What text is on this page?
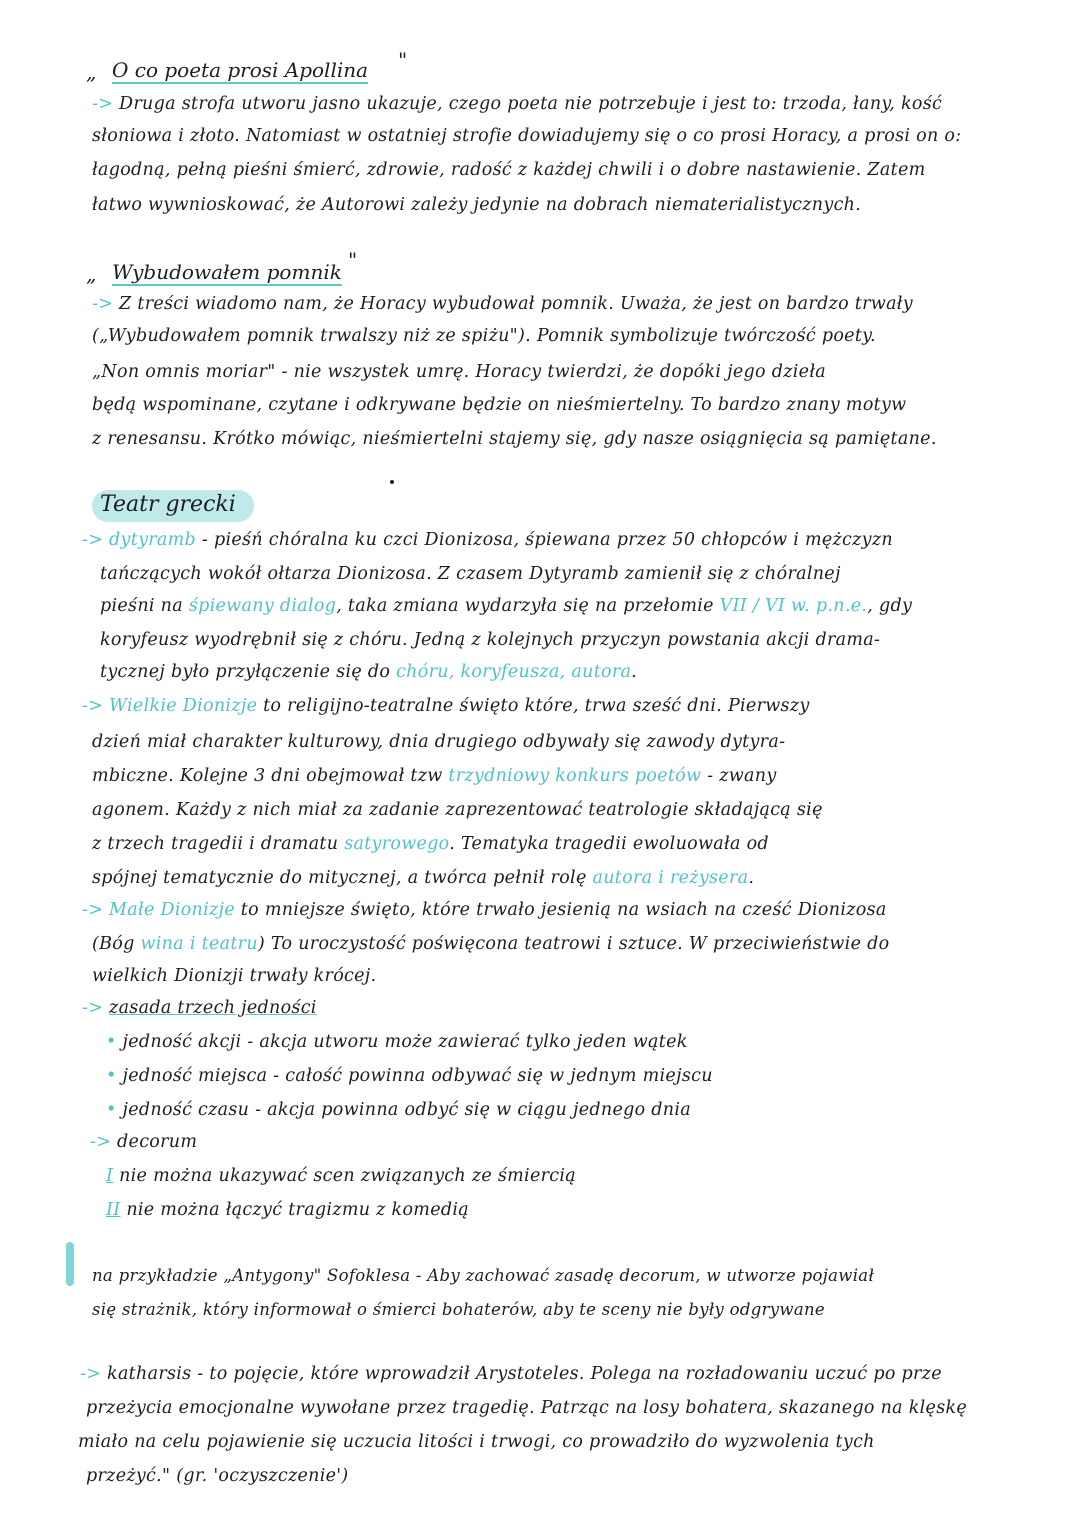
„ O co poeta prosi Apollina "
„ Wybudowałem pomnik "
Teatr grecki
-> Druga strofa utworu jasno ukazuje, czego poeta nie potrzebuje i jest to: trzoda, łany, kość
słoniowa i złoto. Natomiast w ostatniej strofie dowiadujemy się o co prosi Horacy, a prosi on o:
łagodną, pełną pieśni śmierć, zdrowie, radość z każdej chwili i o dobre nastawienie. Zatem
łatwo wywnioskować, że Autorowi zależy jedynie na dobrach niematerialistycznych.
-> Z treści wiadomo nam, że Horacy wybudował pomnik. Uważa, że jest on bardzo trwały
(„Wybudowałem pomnik trwalszy niż ze spiżu"). Pomnik symbolizuje twórczość poety.
„Non omnis moriar" - nie wszystek umrę. Horacy twierdzi, że dopóki jego dzieła
będą wspominane, czytane i odkrywane będzie on nieśmiertelny. To bardzo znany motyw
z renesansu. Krótko mówiąc, nieśmiertelni stajemy się, gdy nasze osiągnięcia są pamiętane.
-> dytyramb - pieśń chóralna ku czci Dionizosa, śpiewana przez 50 chłopców i mężczyzn
tańczących wokół ołtarza Dionizosa. Z czasem Dytyramb zamienił się z chóralnej
pieśni na śpiewany dialog, taka zmiana wydarzyła się na przełomie VII / VI w. p.n.e., gdy
koryfeusz wyodrębnił się z chóru. Jedną z kolejnych przyczyn powstania akcji drama-
tycznej było przyłączenie się do chóru, koryfeusza, autora.
-> Wielkie Dionizje to religijno-teatralne święto które, trwa sześć dni. Pierwszy
dzień miał charakter kulturowy, dnia drugiego odbywały się zawody dytyra-
mbiczne. Kolejne 3 dni obejmował tzw trzydniowy konkurs poetów - zwany
agonem. Każdy z nich miał za zadanie zaprezentować teatrologie składającą się
z trzech tragedii i dramatu satyrowego. Tematyka tragedii ewoluowała od
spójnej tematycznie do mitycznej, a twórca pełnił rolę autora i reżysera.
-> Małe Dionizje to mniejsze święto, które trwało jesienią na wsiach na cześć Dionizosa
(Bóg wina i teatru) To uroczystość poświęcona teatrowi i sztuce. W przeciwieństwie do
wielkich Dionizji trwały krócej.
-> zasada trzech jedności
• jedność akcji - akcja utworu może zawierać tylko jeden wątek
• jedność miejsca - całość powinna odbywać się w jednym miejscu
• jedność czasu - akcja powinna odbyć się w ciągu jednego dnia
-> decorum
I nie można ukazywać scen związanych ze śmiercią
II nie można łączyć tragizmu z komedią
na przykładzie „Antygony" Sofoklesa - Aby zachować zasadę decorum, w utworze pojawiał
się strażnik, który informował o śmierci bohaterów, aby te sceny nie były odgrywane
-> katharsis - to pojęcie, które wprowadził Arystoteles. Polega na rozładowaniu uczuć po prze
przeżycia emocjonalne wywołane przez tragedię. Patrząc na losy bohatera, skazanego na klęskę
miało na celu pojawienie się uczucia litości i trwogi, co prowadziło do wyzwolenia tych
przeżyć." (gr. 'oczyszczenie')
